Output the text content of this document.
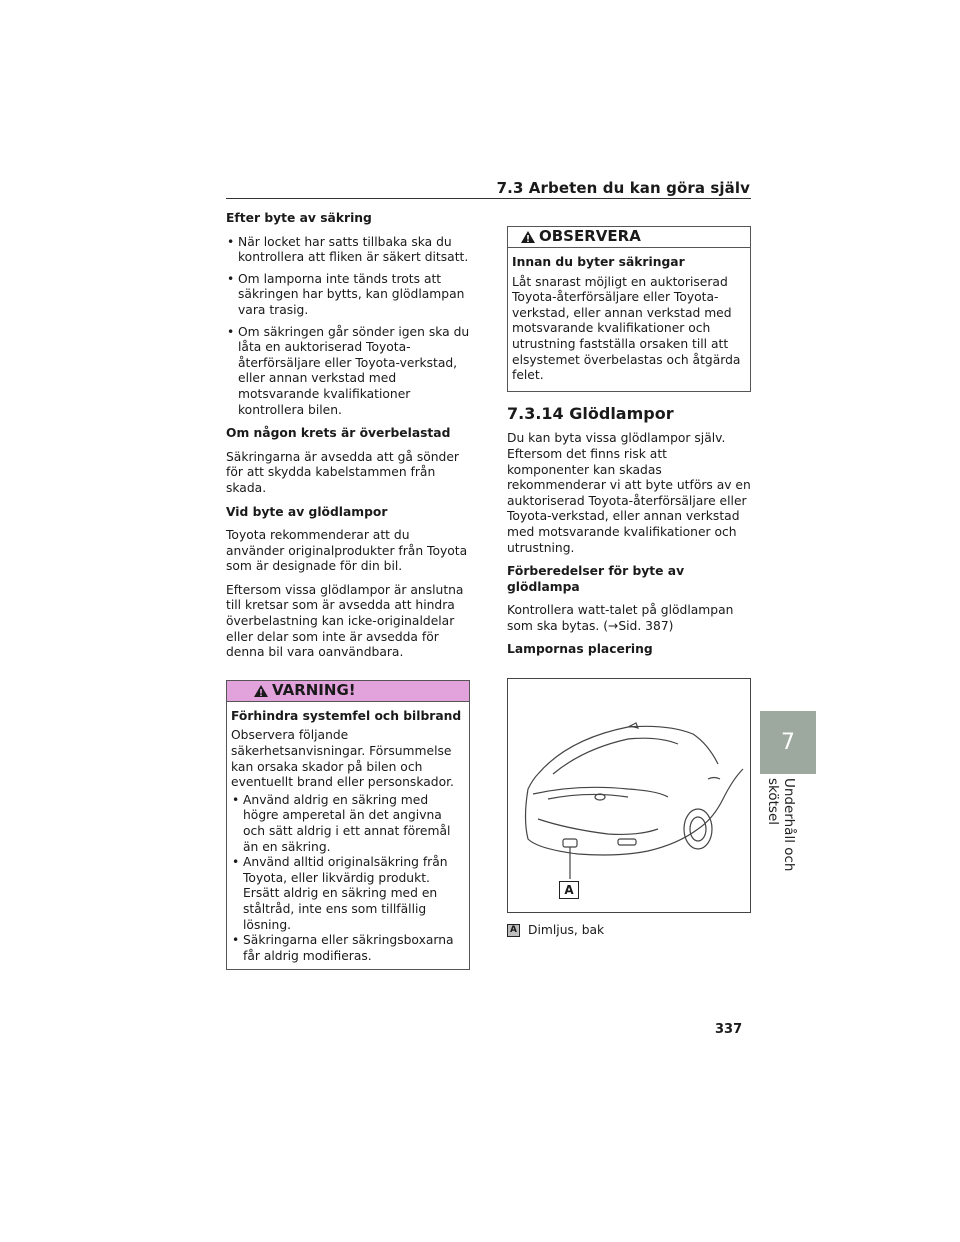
7.3 Arbeten du kan göra själv
Efter byte av säkring
• När locket har satts tillbaka ska du kontrollera att fliken är säkert ditsatt.
• Om lamporna inte tänds trots att säkringen har bytts, kan glödlampan vara trasig.
• Om säkringen går sönder igen ska du låta en auktoriserad Toyota-återförsäljare eller Toyota-verkstad, eller annan verkstad med motsvarande kvalifikationer kontrollera bilen.
Om någon krets är överbelastad

Säkringarna är avsedda att gå sönder för att skydda kabelstammen från skada.

Vid byte av glödlampor

Toyota rekommenderar att du använder originalprodukter från Toyota som är designade för din bil.

Eftersom vissa glödlampor är anslutna till kretsar som är avsedda att hindra överbelastning kan icke-originaldelar eller delar som inte är avsedda för denna bil vara oanvändbara.

VARNING!
Förhindra systemfel och bilbrand

Observera följande säkerhetsanvisningar. Försummelse kan orsaka skador på bilen och eventuellt brand eller personskador.

• Använd aldrig en säkring med högre amperetal än det angivna och sätt aldrig i ett annat föremål än en säkring.
• Använd alltid originalsäkring från Toyota, eller likvärdig produkt. Ersätt aldrig en säkring med en ståltråd, inte ens som tillfällig lösning.
• Säkringarna eller säkringsboxarna får aldrig modifieras.
OBSERVERA
Innan du byter säkringar

Låt snarast möjligt en auktoriserad Toyota-återförsäljare eller Toyota-verkstad, eller annan verkstad med motsvarande kvalifikationer och utrustning fastställa orsaken till att elsystemet överbelastas och åtgärda felet.

7.3.14 Glödlampor

Du kan byta vissa glödlampor själv. Eftersom det finns risk att komponenter kan skadas rekommenderar vi att byte utförs av en auktoriserad Toyota-återförsäljare eller Toyota-verkstad, eller annan verkstad med motsvarande kvalifikationer och utrustning.

Förberedelser för byte av glödlampa

Kontrollera watt-talet på glödlampan som ska bytas. (→Sid. 387)

Lampornas placering
A
A Dimljus, bak
7
Underhåll och skötsel
337
